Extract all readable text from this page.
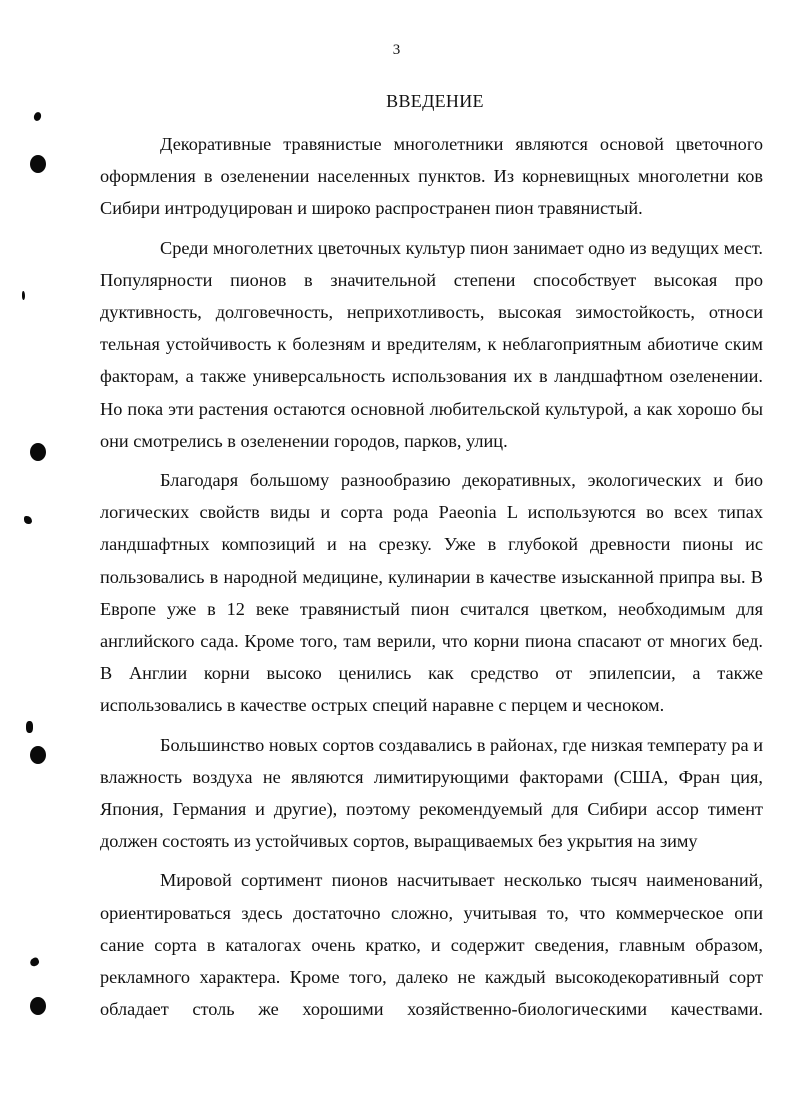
3
ВВЕДЕНИЕ

Декоративные травянистые многолетники являются основой цветочного оформления в озеленении населенных пунктов. Из корневищных многолетни ков Сибири интродуцирован и широко распространен пион травянистый.

Среди многолетних цветочных культур пион занимает одно из ведущих мест. Популярности пионов в значительной степени способствует высокая про дуктивность, долговечность, неприхотливость, высокая зимостойкость, относи тельная устойчивость к болезням и вредителям, к неблагоприятным абиотиче ским факторам, а также универсальность использования их в ландшафтном озеленении. Но пока эти растения остаются основной любительской культурой, а как хорошо бы они смотрелись в озеленении городов, парков, улиц.

Благодаря большому разнообразию декоративных, экологических и био логических свойств виды и сорта рода Paeonia L используются во всех типах ландшафтных композиций и на срезку. Уже в глубокой древности пионы ис пользовались в народной медицине, кулинарии в качестве изысканной припра вы. В Европе уже в 12 веке травянистый пион считался цветком, необходимым для английского сада. Кроме того, там верили, что корни пиона спасают от многих бед. В Англии корни высоко ценились как средство от эпилепсии, а также использовались в качестве острых специй наравне с перцем и чесноком.

Большинство новых сортов создавались в районах, где низкая температу ра и влажность воздуха не являются лимитирующими факторами (США, Фран ция, Япония, Германия и другие), поэтому рекомендуемый для Сибири ассор тимент должен состоять из устойчивых сортов, выращиваемых без укрытия на зиму

Мировой сортимент пионов насчитывает несколько тысяч наименований, ориентироваться здесь достаточно сложно, учитывая то, что коммерческое опи сание сорта в каталогах очень кратко, и содержит сведения, главным образом, рекламного характера. Кроме того, далеко не каждый высокодекоративный сорт обладает столь же хорошими хозяйственно-биологическими качествами.
